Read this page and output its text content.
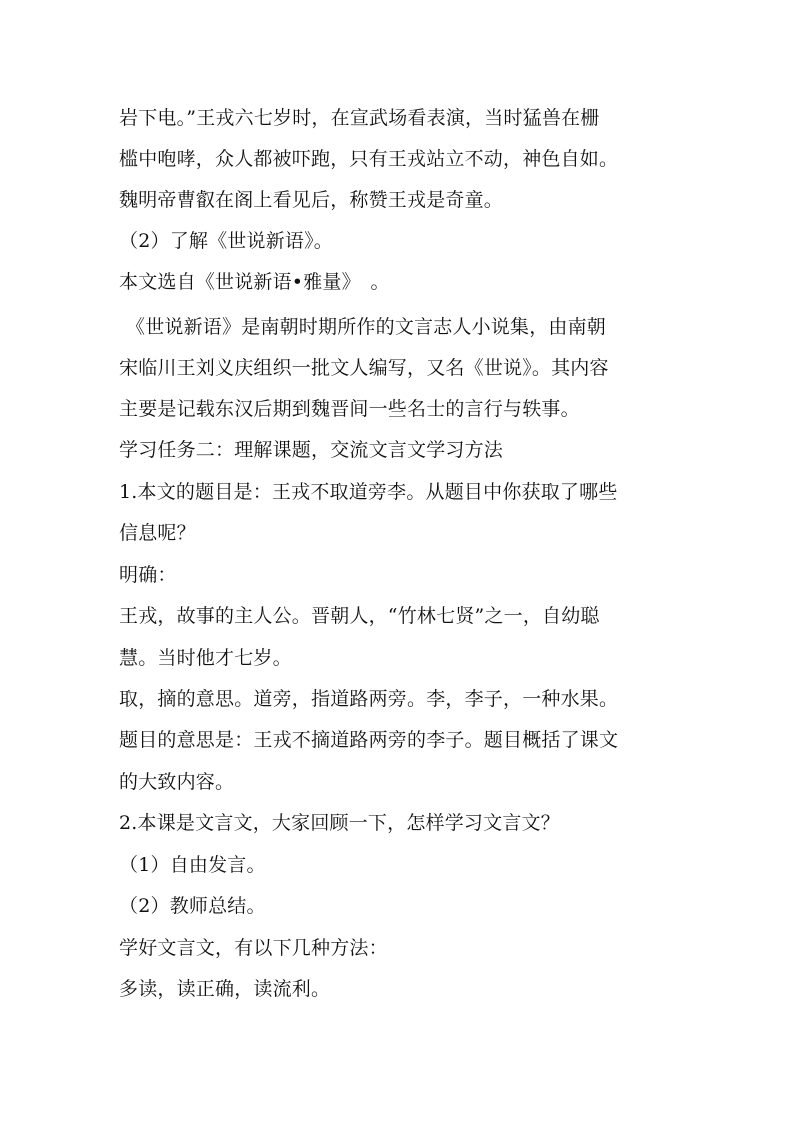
岩下电。”王戎六七岁时，在宣武场看表演，当时猛兽在栅
槛中咆哮，众人都被吓跑，只有王戎站立不动，神色自如。
魏明帝曹叡在阁上看见后，称赞王戎是奇童。
（2）了解《世说新语》。
本文选自《世说新语•雅量》　。
《世说新语》是南朝时期所作的文言志人小说集，由南朝
宋临川王刘义庆组织一批文人编写，又名《世说》。其内容
主要是记载东汉后期到魏晋间一些名士的言行与轶事。
学习任务二：理解课题，交流文言文学习方法
1.本文的题目是：王戎不取道旁李。从题目中你获取了哪些
信息呢？
明确：
王戎，故事的主人公。晋朝人，“竹林七贤”之一，自幼聪
慧。当时他才七岁。
取，摘的意思。道旁，指道路两旁。李，李子，一种水果。
题目的意思是：王戎不摘道路两旁的李子。题目概括了课文
的大致内容。
2.本课是文言文，大家回顾一下，怎样学习文言文？
（1）自由发言。
（2）教师总结。
学好文言文，有以下几种方法：
多读，读正确，读流利。
